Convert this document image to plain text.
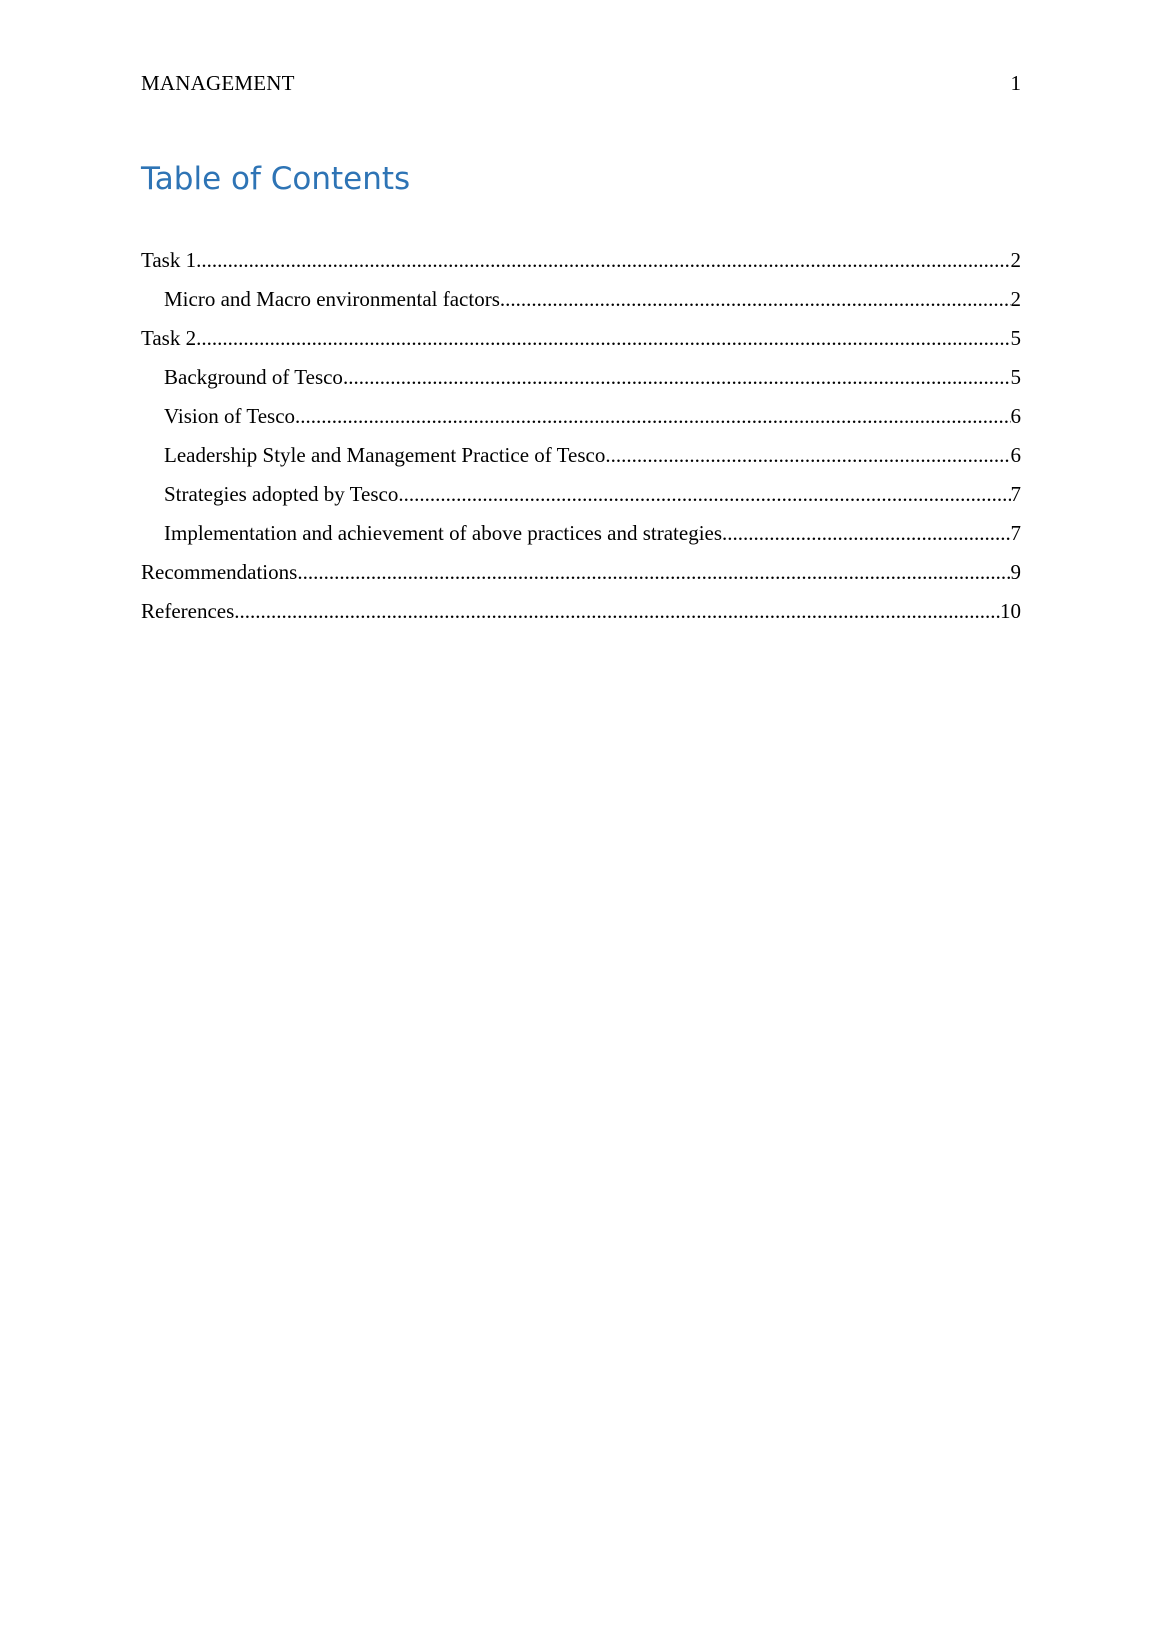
MANAGEMENT	1
Table of Contents
Task 1 .....	2
Micro and Macro environmental factors .....	2
Task 2 .....	5
Background of Tesco .....	5
Vision of Tesco .....	6
Leadership Style and Management Practice of Tesco .....	6
Strategies adopted by Tesco .....	7
Implementation and achievement of above practices and strategies .....	7
Recommendations .....	9
References .....	10
